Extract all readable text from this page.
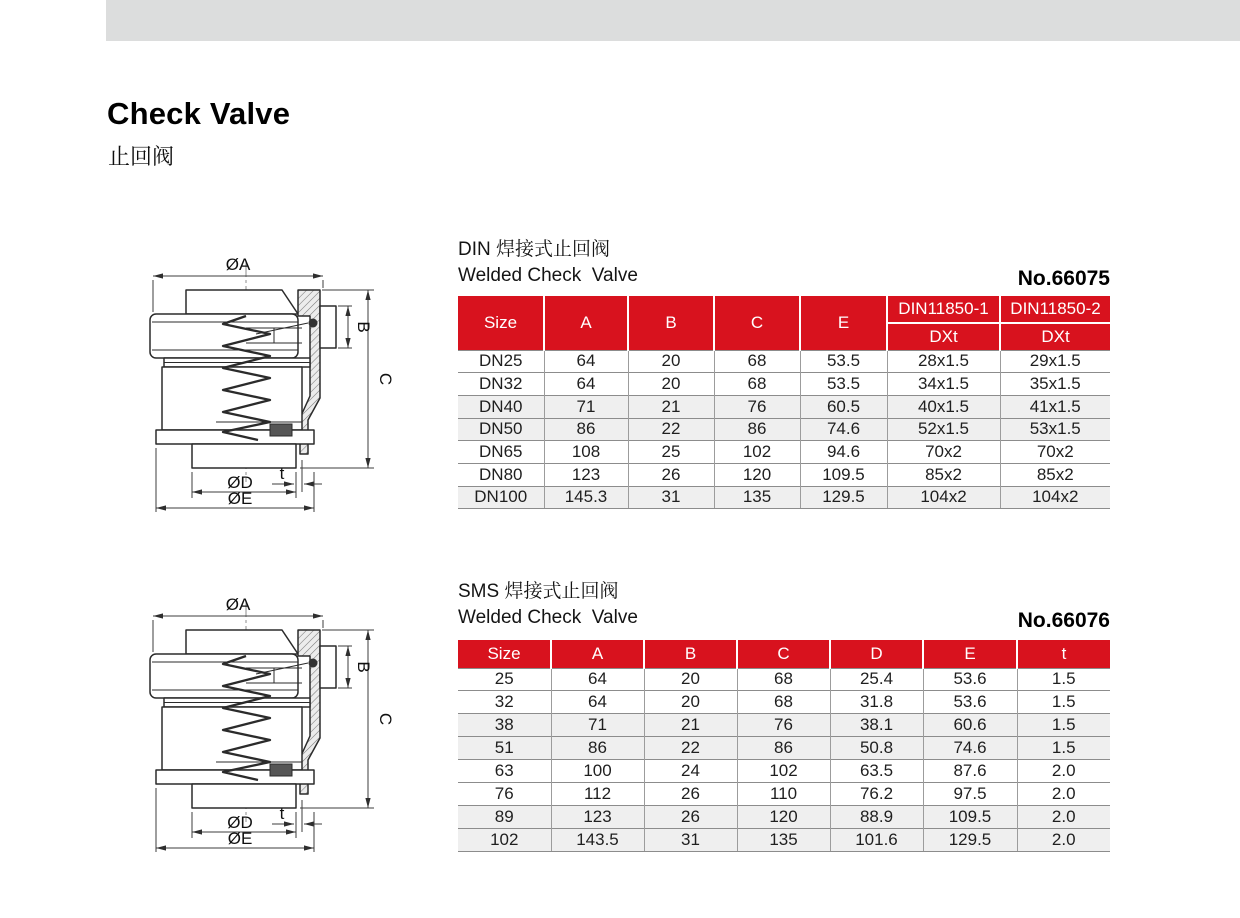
Check Valve
止回阀
ØA
B
C
ØD t
ØE
DIN 焊接式止回阀
Welded Check  Valve	No.66075
Size	A	B	C	E	DIN11850-1	DIN11850-2
					DXt	DXt
DN25	64	20	68	53.5	28x1.5	29x1.5
DN32	64	20	68	53.5	34x1.5	35x1.5
DN40	71	21	76	60.5	40x1.5	41x1.5
DN50	86	22	86	74.6	52x1.5	53x1.5
DN65	108	25	102	94.6	70x2	70x2
DN80	123	26	120	109.5	85x2	85x2
DN100	145.3	31	135	129.5	104x2	104x2
ØA
B
C
ØD t
ØE
SMS 焊接式止回阀
Welded Check  Valve	No.66076
Size	A	B	C	D	E	t
25	64	20	68	25.4	53.6	1.5
32	64	20	68	31.8	53.6	1.5
38	71	21	76	38.1	60.6	1.5
51	86	22	86	50.8	74.6	1.5
63	100	24	102	63.5	87.6	2.0
76	112	26	110	76.2	97.5	2.0
89	123	26	120	88.9	109.5	2.0
102	143.5	31	135	101.6	129.5	2.0
